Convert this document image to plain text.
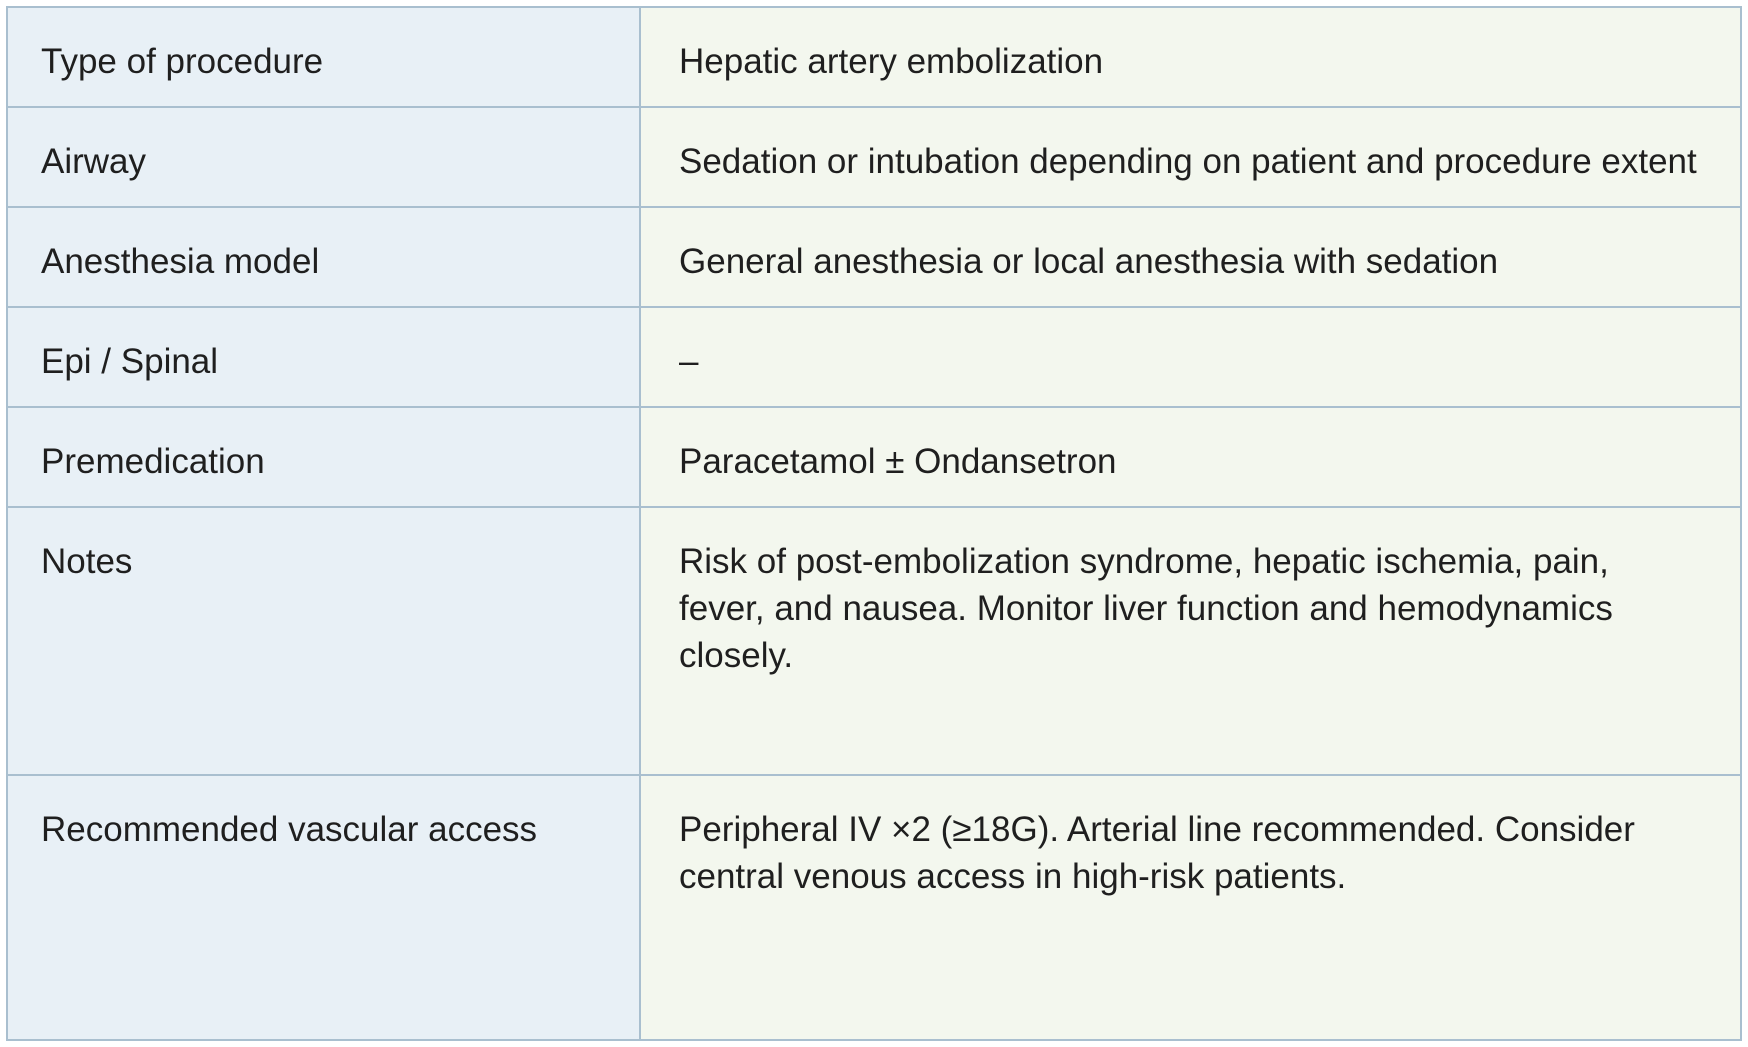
Type of procedure	Hepatic artery embolization
Airway	Sedation or intubation depending on patient and procedure extent
Anesthesia model	General anesthesia or local anesthesia with sedation
Epi / Spinal	–
Premedication	Paracetamol ± Ondansetron
Notes	Risk of post-embolization syndrome, hepatic ischemia, pain, fever, and nausea. Monitor liver function and hemodynamics closely.
Recommended vascular access	Peripheral IV ×2 (≥18G). Arterial line recommended. Consider central venous access in high-risk patients.
